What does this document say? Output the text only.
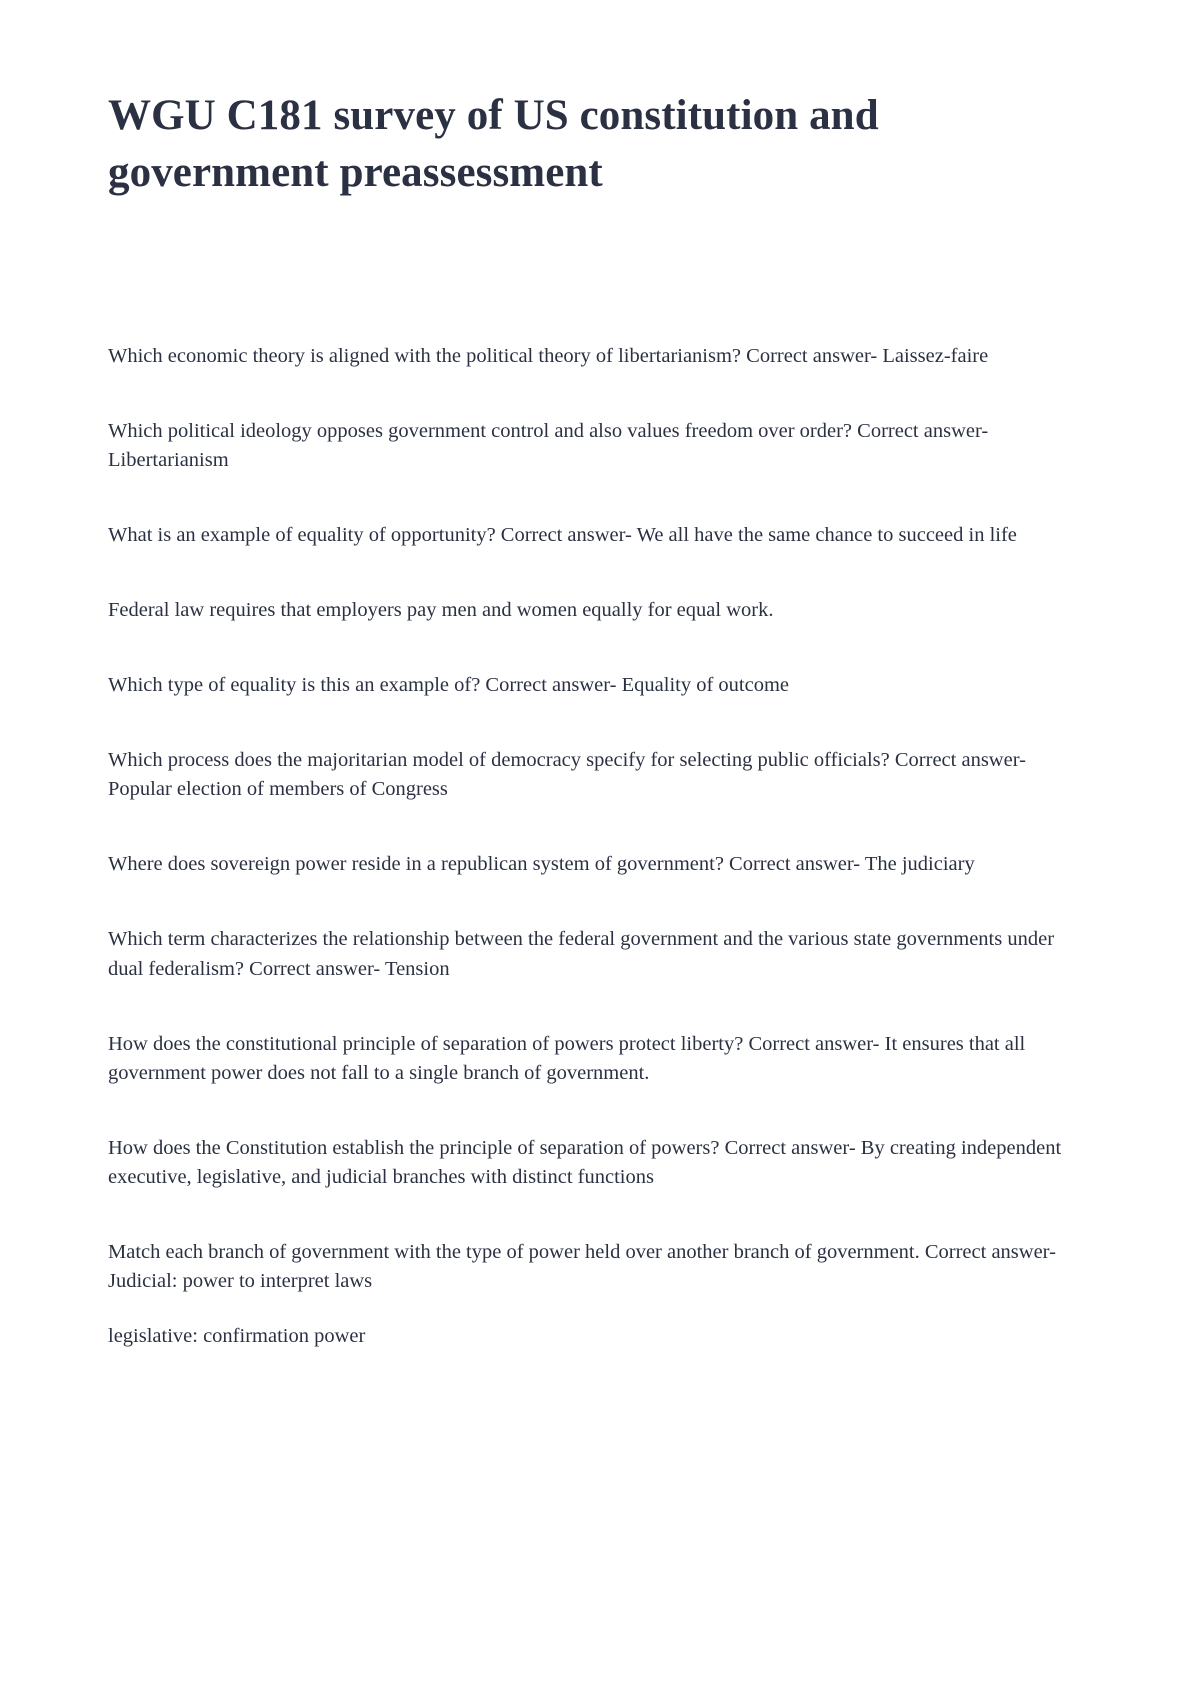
WGU C181 survey of US constitution and government preassessment

Which economic theory is aligned with the political theory of libertarianism? Correct answer- Laissez-faire

Which political ideology opposes government control and also values freedom over order? Correct answer- Libertarianism

What is an example of equality of opportunity? Correct answer- We all have the same chance to succeed in life

Federal law requires that employers pay men and women equally for equal work.

Which type of equality is this an example of? Correct answer- Equality of outcome

Which process does the majoritarian model of democracy specify for selecting public officials? Correct answer- Popular election of members of Congress

Where does sovereign power reside in a republican system of government? Correct answer- The judiciary

Which term characterizes the relationship between the federal government and the various state governments under dual federalism? Correct answer- Tension

How does the constitutional principle of separation of powers protect liberty? Correct answer- It ensures that all government power does not fall to a single branch of government.

How does the Constitution establish the principle of separation of powers? Correct answer- By creating independent executive, legislative, and judicial branches with distinct functions

Match each branch of government with the type of power held over another branch of government. Correct answer- Judicial: power to interpret laws

legislative: confirmation power
